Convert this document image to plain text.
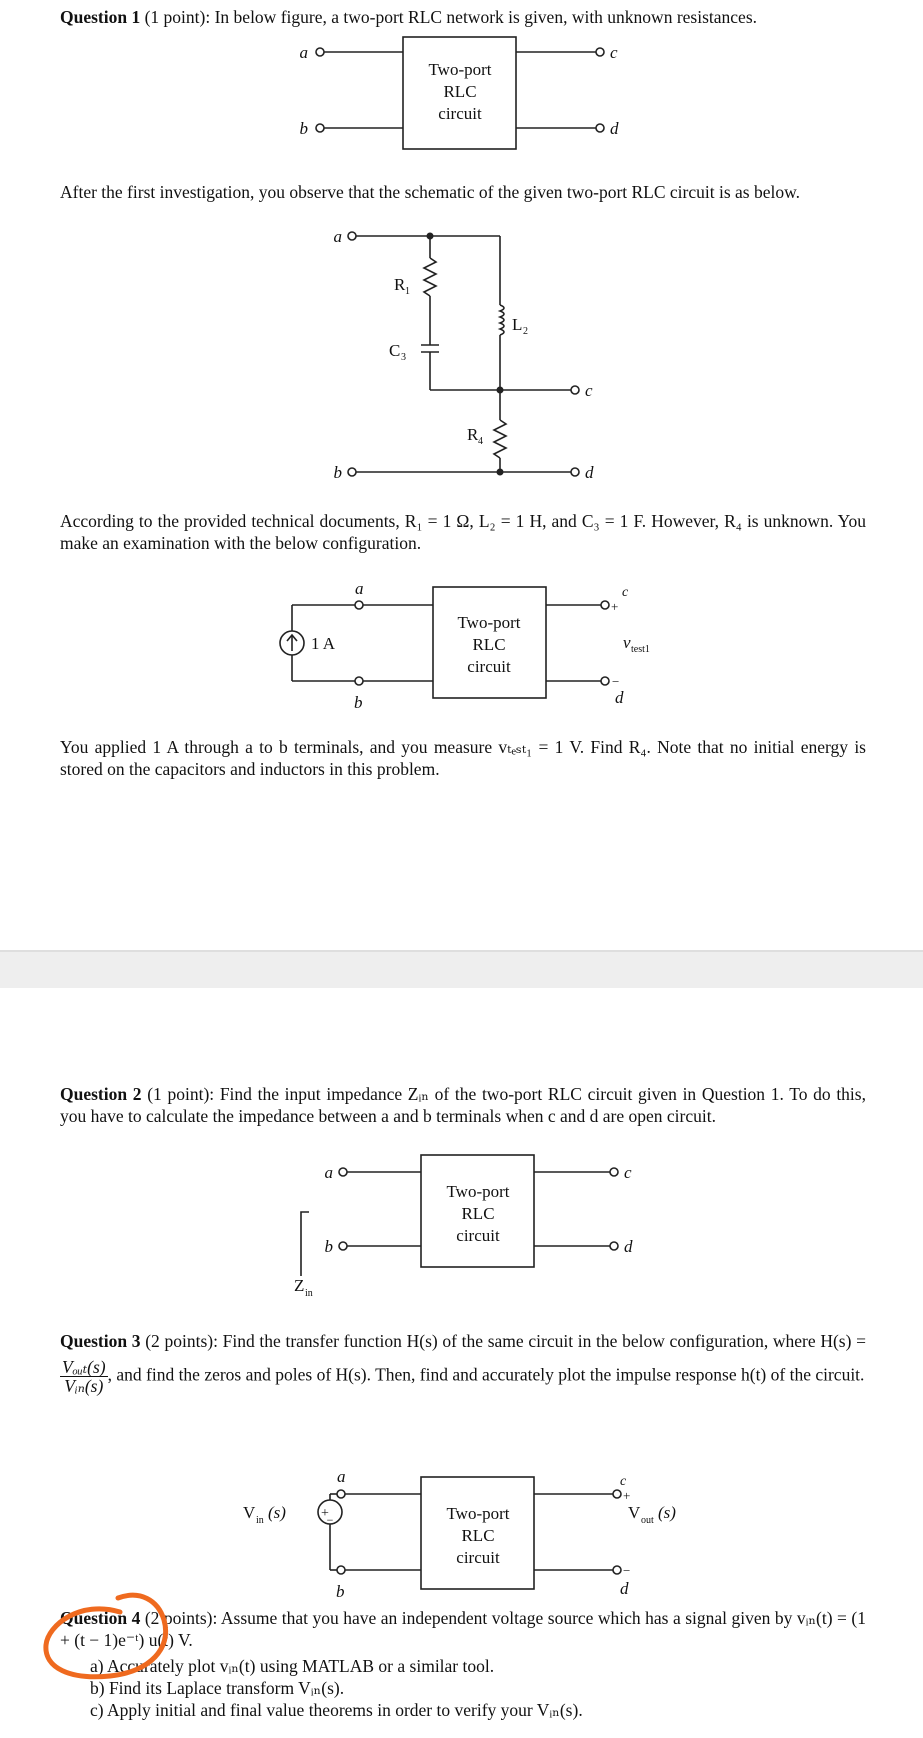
Question 1 (1 point): In below figure, a two-port RLC network is given, with unknown resistances.
After the first investigation, you observe that the schematic of the given two-port RLC circuit is as below.
According to the provided technical documents, R₁ = 1 Ω, L₂ = 1 H, and C₃ = 1 F. However, R₄ is unknown. You make an examination with the below configuration.
You applied 1 A through a to b terminals, and you measure vₜₑₛₜ₁ = 1 V. Find R₄. Note that no initial energy is stored on the capacitors and inductors in this problem.
Question 2 (1 point): Find the input impedance Zᵢₙ of the two-port RLC circuit given in Question 1. To do this, you have to calculate the impedance between a and b terminals when c and d are open circuit.
Question 3 (2 points): Find the transfer function H(s) of the same circuit in the below configuration, where H(s) =
$\frac{\text{Vₒᵤₜ(s)}}{\text{Vᵢₙ(s)}}$ , and find the zeros and poles of H(s). Then, find and accurately plot the impulse response h(t) of the circuit.
Question 4 (2 points): Assume that you have an independent voltage source which has a signal given by vᵢₙ(t) = (1 + (t − 1)e⁻ᵗ) u(t) V.
a) Accurately plot vᵢₙ(t) using MATLAB or a similar tool.
b) Find its Laplace transform Vᵢₙ(s).
c) Apply initial and final value theorems in order to verify your Vᵢₙ(s).
Two-port
RLC
circuit
a
b
c
d
a
b
c
d
R 1
C 3
L 2
R 4
Two-port
RLC
circuit
a
b
c
+
−
d
1 A	v test1
Two-port
RLC
circuit
a
b
c
d
Z in
Two-port
RLC
circuit
a
b
c
+
−
d
+
−
V in (s)	V out (s)
